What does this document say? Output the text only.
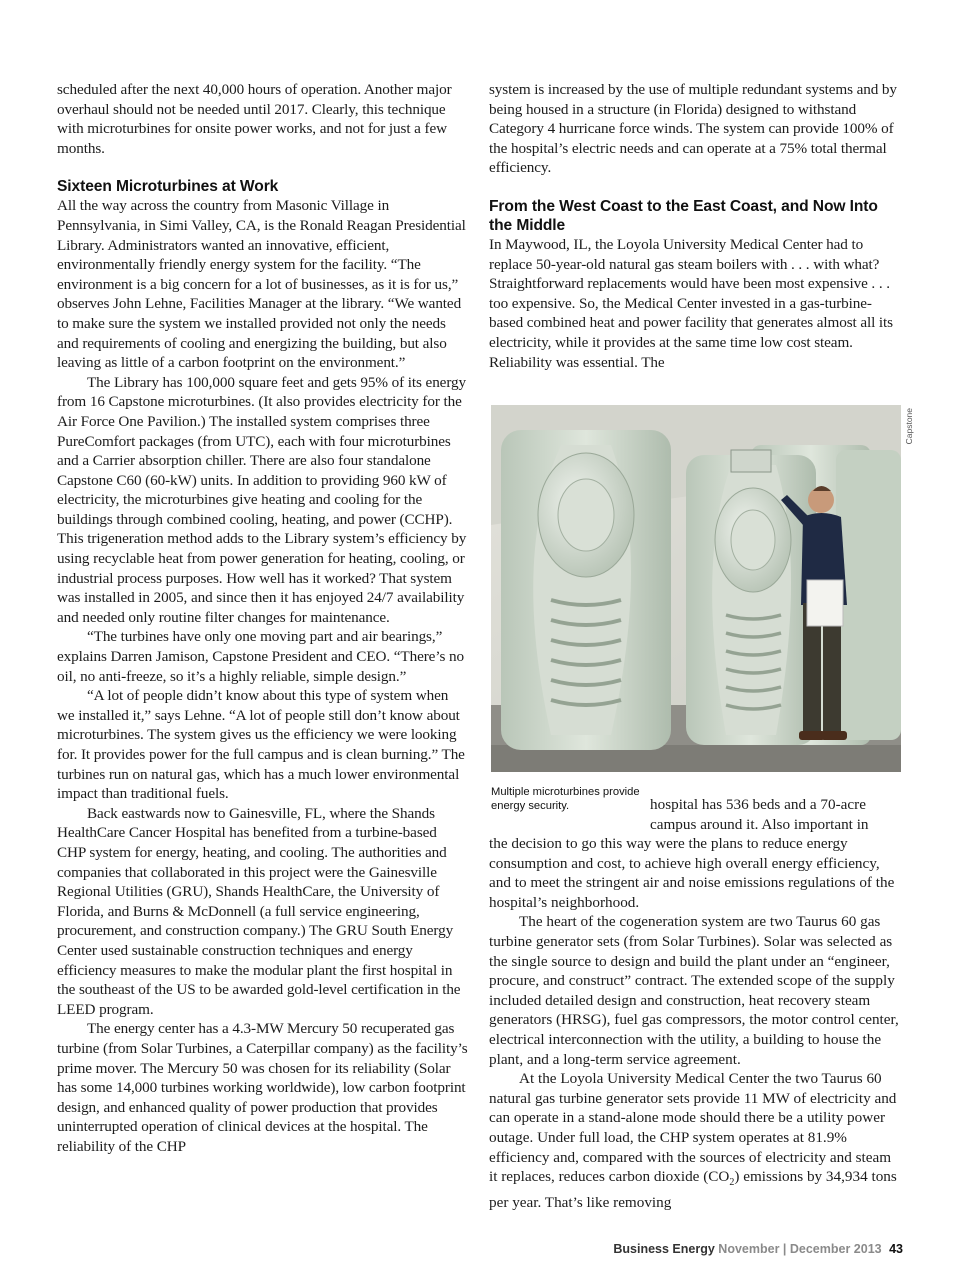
scheduled after the next 40,000 hours of operation. Another major overhaul should not be needed until 2017. Clearly, this technique with microturbines for onsite power works, and not for just a few months.

Sixteen Microturbines at Work

All the way across the country from Masonic Village in Pennsylvania, in Simi Valley, CA, is the Ronald Reagan Presidential Library. Administrators wanted an innovative, efficient, environmentally friendly energy system for the facility. “The environment is a big concern for a lot of businesses, as it is for us,” observes John Lehne, Facilities Manager at the library. “We wanted to make sure the system we installed provided not only the needs and requirements of cooling and energizing the building, but also leaving as little of a carbon footprint on the environment.”

The Library has 100,000 square feet and gets 95% of its energy from 16 Capstone microturbines. (It also provides electricity for the Air Force One Pavilion.) The installed system comprises three PureComfort packages (from UTC), each with four microturbines and a Carrier absorption chiller. There are also four standalone Capstone C60 (60-kW) units. In addition to providing 960 kW of electricity, the microturbines give heating and cooling for the buildings through combined cooling, heating, and power (CCHP). This trigeneration method adds to the Library system’s efficiency by using recyclable heat from power generation for heating, cooling, or industrial process purposes. How well has it worked? That system was installed in 2005, and since then it has enjoyed 24/7 availability and needed only routine filter changes for maintenance.

“The turbines have only one moving part and air bearings,” explains Darren Jamison, Capstone President and CEO. “There’s no oil, no anti-freeze, so it’s a highly reliable, simple design.”

“A lot of people didn’t know about this type of system when we installed it,” says Lehne. “A lot of people still don’t know about microturbines. The system gives us the efficiency we were looking for. It provides power for the full campus and is clean burning.” The turbines run on natural gas, which has a much lower environmental impact than traditional fuels.

Back eastwards now to Gainesville, FL, where the Shands HealthCare Cancer Hospital has benefited from a turbine-based CHP system for energy, heating, and cooling. The authorities and companies that collaborated in this project were the Gainesville Regional Utilities (GRU), Shands HealthCare, the University of Florida, and Burns & McDonnell (a full service engineering, procurement, and construction company.) The GRU South Energy Center used sustainable construction techniques and energy efficiency measures to make the modular plant the first hospital in the southeast of the US to be awarded gold-level certification in the LEED program.

The energy center has a 4.3-MW Mercury 50 recuperated gas turbine (from Solar Turbines, a Caterpillar company) as the facility’s prime mover. The Mercury 50 was chosen for its reliability (Solar has some 14,000 turbines working worldwide), low carbon footprint design, and enhanced quality of power production that provides uninterrupted operation of clinical devices at the hospital. The reliability of the CHP

system is increased by the use of multiple redundant systems and by being housed in a structure (in Florida) designed to withstand Category 4 hurricane force winds. The system can provide 100% of the hospital’s electric needs and can operate at a 75% total thermal efficiency.

From the West Coast to the East Coast, and Now Into the Middle

In Maywood, IL, the Loyola University Medical Center had to replace 50-year-old natural gas steam boilers with . . . with what? Straightforward replacements would have been most expensive . . . too expensive. So, the Medical Center invested in a gas-turbine-based combined heat and power facility that generates almost all its electricity, while it provides at the same time low cost steam. Reliability was essential. The

Capstone
Multiple microturbines provide energy security.	hospital has 536 beds and a 70-acre campus around it. Also important in

the decision to go this way were the plans to reduce energy consumption and cost, to achieve high overall energy efficiency, and to meet the stringent air and noise emissions regulations of the hospital’s neighborhood.

The heart of the cogeneration system are two Taurus 60 gas turbine generator sets (from Solar Turbines). Solar was selected as the single source to design and build the plant under an “engineer, procure, and construct” contract. The extended scope of the supply included detailed design and construction, heat recovery steam generators (HRSG), fuel gas compressors, the motor control center, electrical interconnection with the utility, a building to house the plant, and a long-term service agreement.

At the Loyola University Medical Center the two Taurus 60 natural gas turbine generator sets provide 11 MW of electricity and can operate in a stand-alone mode should there be a utility power outage. Under full load, the CHP system operates at 81.9% efficiency and, compared with the sources of electricity and steam it replaces, reduces carbon dioxide $(CO_2)$ emissions by 34,934 tons per year. That’s like removing

Business Energy November | December 2013 43
